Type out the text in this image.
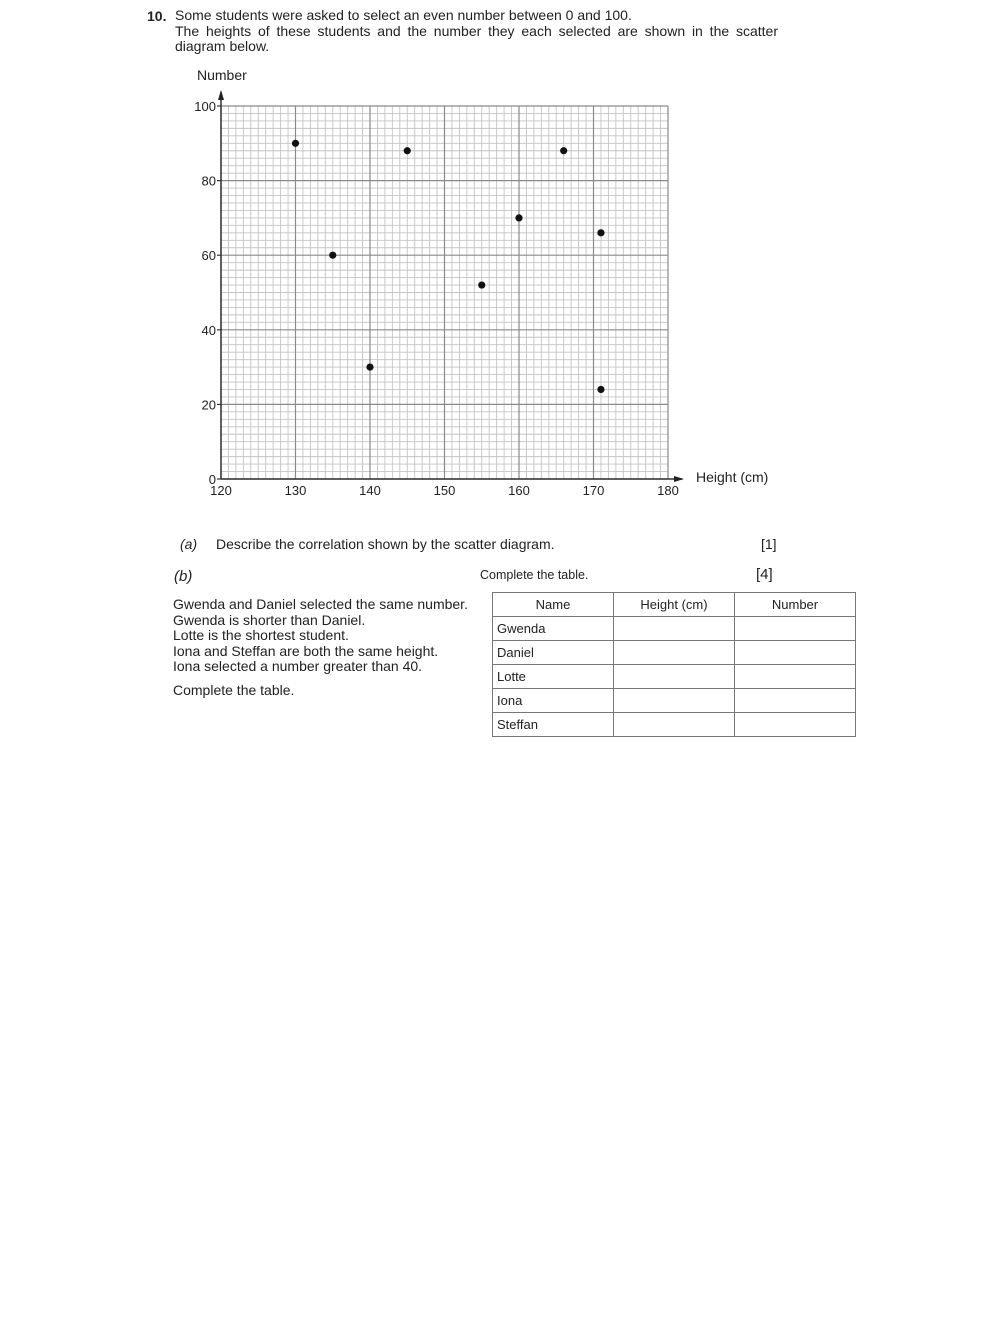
10. Some students were asked to select an even number between 0 and 100.
The heights of these students and the number they each selected are shown in the scatter
diagram below.
0
20
40
60
80
100
120	130	140	150	160	170	180
Number
Height (cm)
(a) Describe the correlation shown by the scatter diagram.	[1]
(b)	Complete the table.	[4]
Gwenda and Daniel selected the same number.
Gwenda is shorter than Daniel.
Lotte is the shortest student.
Iona and Steffan are both the same height.
Iona selected a number greater than 40.
Complete the table.
Name	Height (cm)	Number
Gwenda		
Daniel		
Lotte		
Iona		
Steffan		
